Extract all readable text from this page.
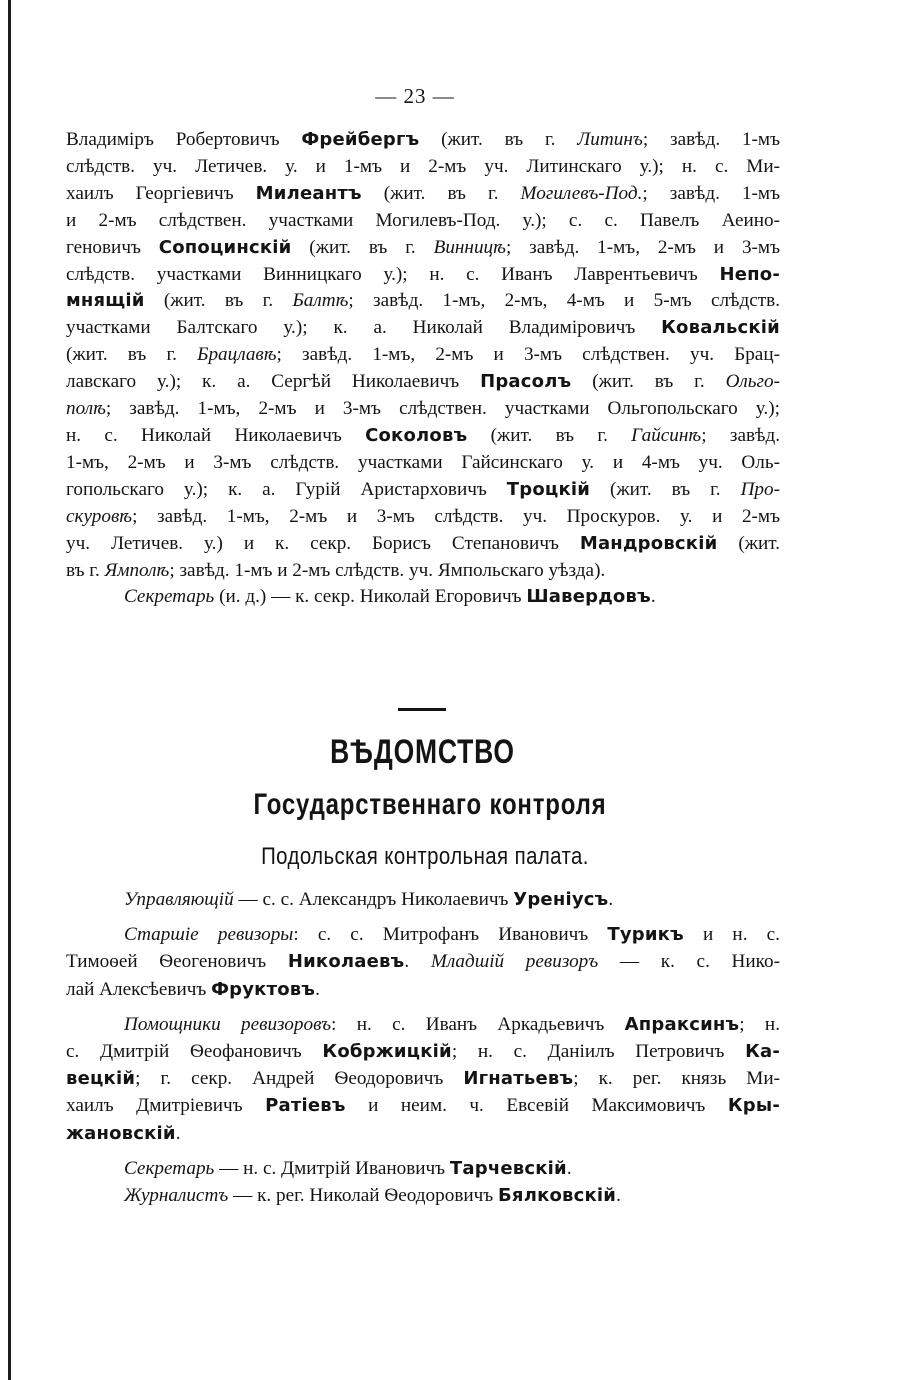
— 23 —

Владиміръ Робертовичъ Фрейбергъ (жит. въ г. Литинъ; завѣд. 1-мъ

слѣдств. уч. Летичев. у. и 1-мъ и 2-мъ уч. Литинскаго у.); н. с. Ми-

хаилъ Георгіевичъ Милеантъ (жит. въ г. Могилевъ-Под.; завѣд. 1-мъ

и 2-мъ слѣдствен. участками Могилевъ-Под. у.); с. с. Павелъ Аеино-

геновичъ Сопоцинскій (жит. въ г. Винницѣ; завѣд. 1-мъ, 2-мъ и 3-мъ

слѣдств. участками Винницкаго у.); н. с. Иванъ Лаврентьевичъ Непо-

мнящій (жит. въ г. Балтѣ; завѣд. 1-мъ, 2-мъ, 4-мъ и 5-мъ слѣдств.

участками Балтскаго у.); к. а. Николай Владиміровичъ Ковальскій

(жит. въ г. Брацлавѣ; завѣд. 1-мъ, 2-мъ и 3-мъ слѣдствен. уч. Брац-

лавскаго у.); к. а. Сергѣй Николаевичъ Прасолъ (жит. въ г. Ольго-

полѣ; завѣд. 1-мъ, 2-мъ и 3-мъ слѣдствен. участками Ольгопольскаго у.);

н. с. Николай Николаевичъ Соколовъ (жит. въ г. Гайсинѣ; завѣд.

1-мъ, 2-мъ и 3-мъ слѣдств. участками Гайсинскаго у. и 4-мъ уч. Оль-

гопольскаго у.); к. а. Гурій Аристарховичъ Троцкій (жит. въ г. Про-

скуровѣ; завѣд. 1-мъ, 2-мъ и 3-мъ слѣдств. уч. Проскуров. у. и 2-мъ

уч. Летичев. у.) и к. секр. Борисъ Степановичъ Мандровскій (жит.

въ г. Ямполѣ; завѣд. 1-мъ и 2-мъ слѣдств. уч. Ямпольскаго уѣзда).

Секретарь (и. д.) — к. секр. Николай Егоровичъ Шавердовъ.

ВѢДОМСТВО
Государственнаго контроля
Подольская контрольная палата.

Управляющій — с. с. Александръ Николаевичъ Уреніусъ.

Старшіе ревизоры: с. с. Митрофанъ Ивановичъ Турикъ и н. с.

Тимоѳей Ѳеогеновичъ Николаевъ. Младшій ревизоръ — к. с. Нико-

лай Алексѣевичъ Фруктовъ.

Помощники ревизоровъ: н. с. Иванъ Аркадьевичъ Апраксинъ; н.

с. Дмитрій Ѳеофановичъ Кобржицкій; н. с. Даніилъ Петровичъ Ка-

вецкій; г. секр. Андрей Ѳеодоровичъ Игнатьевъ; к. рег. князь Ми-

хаилъ Дмитріевичъ Ратіевъ и неим. ч. Евсевій Максимовичъ Кры-

жановскій.

Секретарь — н. с. Дмитрій Ивановичъ Тарчевскій.

Журналистъ — к. рег. Николай Ѳеодоровичъ Бялковскій.
